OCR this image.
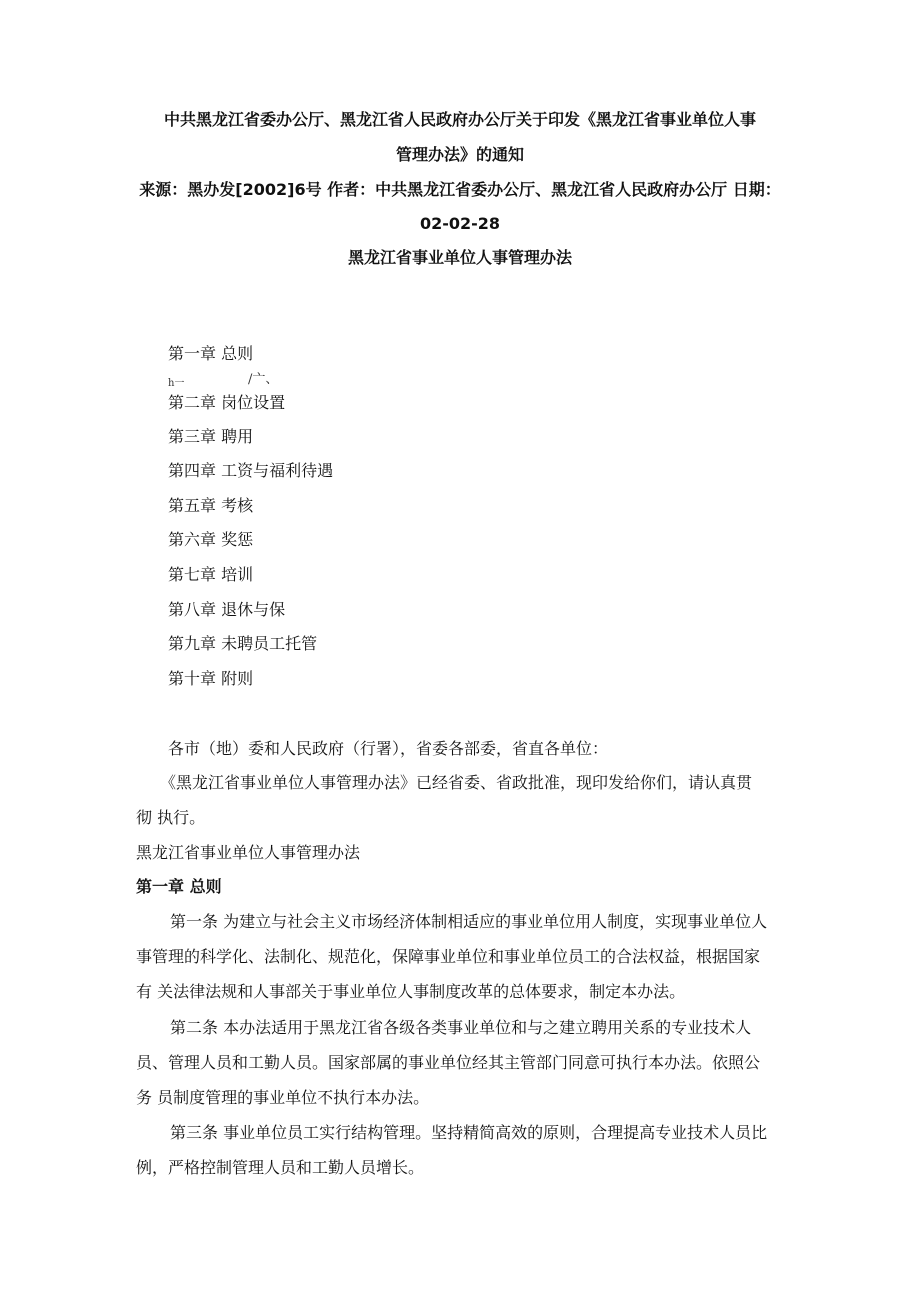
中共黑龙江省委办公厅、黑龙江省人民政府办公厅关于印发《黑龙江省事业单位人事
管理办法》的通知
来源：黑办发[2002]6号 作者：中共黑龙江省委办公厅、黑龙江省人民政府办公厅 日期：
02-02-28
黑龙江省事业单位人事管理办法
第一章 总则
һ一	/亠、
第二章 岗位设置
第三章 聘用
第四章 工资与福利待遇
第五章 考核
第六章 奖惩
第七章 培训
第八章 退休与保
第九章 未聘员工托管
第十章 附则
各市（地）委和人民政府（行署），省委各部委，省直各单位：
《黑龙江省事业单位人事管理办法》已经省委、省政批准，现印发给你们，请认真贯
彻 执行。
黑龙江省事业单位人事管理办法
第一章 总则
第一条 为建立与社会主义市场经济体制相适应的事业单位用人制度，实现事业单位人
事管理的科学化、法制化、规范化，保障事业单位和事业单位员工的合法权益，根据国家
有 关法律法规和人事部关于事业单位人事制度改革的总体要求，制定本办法。
第二条 本办法适用于黑龙江省各级各类事业单位和与之建立聘用关系的专业技术人
员、管理人员和工勤人员。国家部属的事业单位经其主管部门同意可执行本办法。依照公
务 员制度管理的事业单位不执行本办法。
第三条 事业单位员工实行结构管理。坚持精简高效的原则，合理提高专业技术人员比
例，严格控制管理人员和工勤人员增长。
